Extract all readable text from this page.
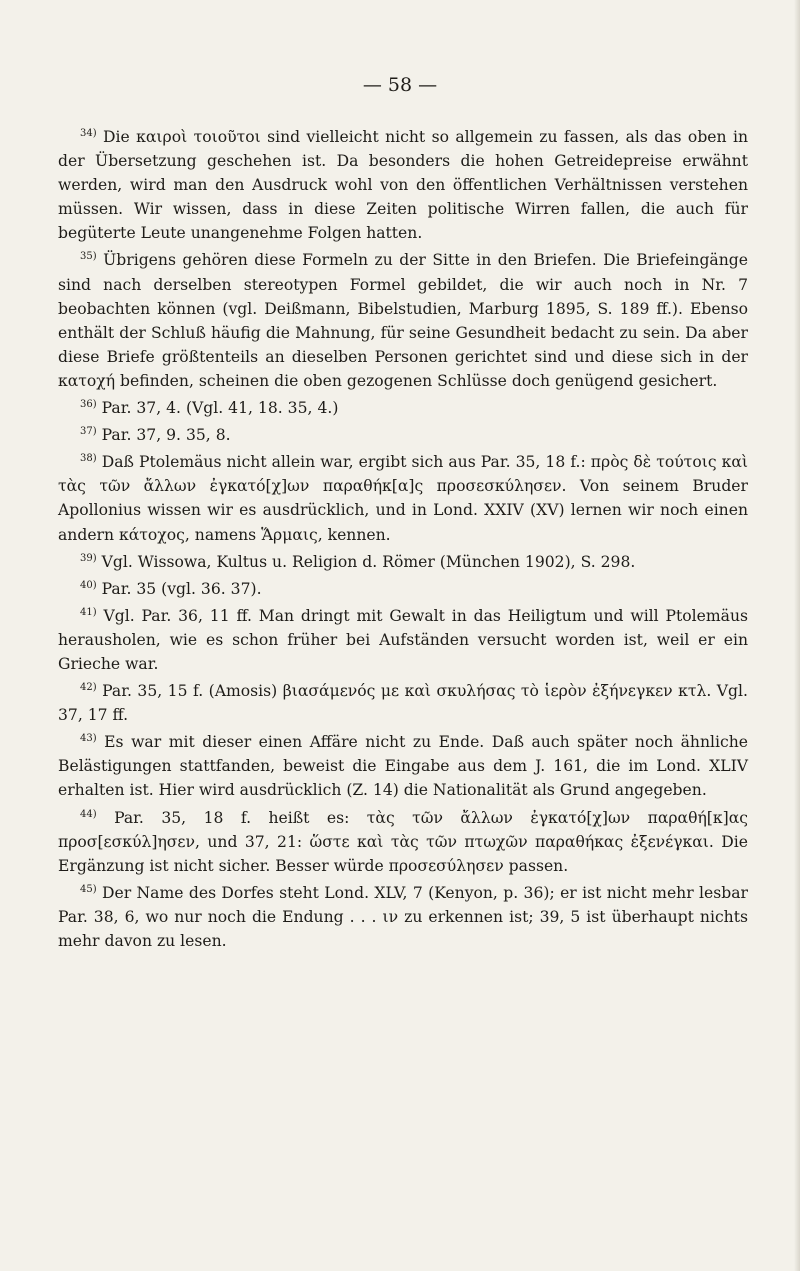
— 58 —

$^{34)}$ Die καιροὶ τοιοῦτοι sind vielleicht nicht so allgemein zu fassen, als das oben in der Übersetzung geschehen ist. Da besonders die hohen Getreidepreise erwähnt werden, wird man den Ausdruck wohl von den öffentlichen Verhältnissen verstehen müssen. Wir wissen, dass in diese Zeiten politische Wirren fallen, die auch für begüterte Leute unangenehme Folgen hatten.

$^{35)}$ Übrigens gehören diese Formeln zu der Sitte in den Briefen. Die Briefeingänge sind nach derselben stereotypen Formel gebildet, die wir auch noch in Nr. 7 beobachten können (vgl. Deißmann, Bibelstudien, Marburg 1895, S. 189 ff.). Ebenso enthält der Schluß häufig die Mahnung, für seine Gesundheit bedacht zu sein. Da aber diese Briefe größtenteils an dieselben Personen gerichtet sind und diese sich in der κατοχή befinden, scheinen die oben gezogenen Schlüsse doch genügend gesichert.

$^{36)}$ Par. 37, 4. (Vgl. 41, 18. 35, 4.)

$^{37)}$ Par. 37, 9. 35, 8.

$^{38)}$ Daß Ptolemäus nicht allein war, ergibt sich aus Par. 35, 18 f.: πρὸς δὲ τούτοις καὶ τὰς τῶν ἄλλων ἐγκατό[χ]ων παραθήκ[α]ς προσεσκύλησεν. Von seinem Bruder Apollonius wissen wir es ausdrücklich, und in Lond. XXIV (XV) lernen wir noch einen andern κάτοχος, namens Ἅρμαις, kennen.

$^{39)}$ Vgl. Wissowa, Kultus u. Religion d. Römer (München 1902), S. 298.

$^{40)}$ Par. 35 (vgl. 36. 37).

$^{41)}$ Vgl. Par. 36, 11 ff. Man dringt mit Gewalt in das Heiligtum und will Ptolemäus herausholen, wie es schon früher bei Aufständen versucht worden ist, weil er ein Grieche war.

$^{42)}$ Par. 35, 15 f. (Amosis) βιασάμενός με καὶ σκυλήσας τὸ ἱερὸν ἐξήνεγκεν κτλ. Vgl. 37, 17 ff.

$^{43)}$ Es war mit dieser einen Affäre nicht zu Ende. Daß auch später noch ähnliche Belästigungen stattfanden, beweist die Eingabe aus dem J. 161, die im Lond. XLIV erhalten ist. Hier wird ausdrücklich (Z. 14) die Nationalität als Grund angegeben.

$^{44)}$ Par. 35, 18 f. heißt es: τὰς τῶν ἄλλων ἐγκατό[χ]ων παραθή[κ]ας προσ[εσκύλ]ησεν, und 37, 21: ὥστε καὶ τὰς τῶν πτωχῶν παραθήκας ἐξενέγκαι. Die Ergänzung ist nicht sicher. Besser würde προσεσύλησεν passen.

$^{45)}$ Der Name des Dorfes steht Lond. XLV, 7 (Kenyon, p. 36); er ist nicht mehr lesbar Par. 38, 6, wo nur noch die Endung . . . ιν zu erkennen ist; 39, 5 ist überhaupt nichts mehr davon zu lesen.
